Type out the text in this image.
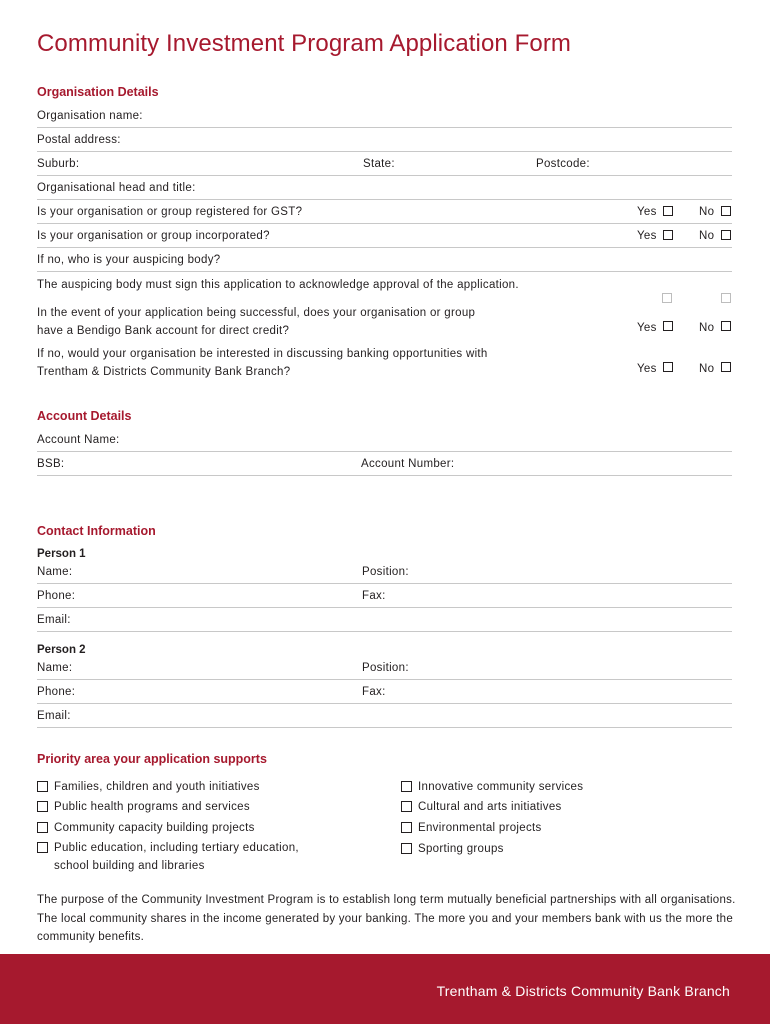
Community Investment Program Application Form
Organisation Details
Organisation name:
Postal address:
Suburb:	State:	Postcode:
Organisational head and title:
Is your organisation or group registered for GST?	Yes	No
Is your organisation or group incorporated?	Yes	No
If no, who is your auspicing body?
The auspicing body must sign this application to acknowledge approval of the application.
In the event of your application being successful, does your organisation or group
have a Bendigo Bank account for direct credit?	Yes	No
If no, would your organisation be interested in discussing banking opportunities with
Trentham & Districts Community Bank Branch?	Yes	No
Account Details
Account Name:
BSB:	Account Number:
Contact Information
Person 1
Name:	Position:
Phone:	Fax:
Email:
Person 2
Name:	Position:
Phone:	Fax:
Email:
Priority area your application supports
Families, children and youth initiatives
Public health programs and services
Community capacity building projects
Public education, including tertiary education,
school building and libraries
Innovative community services
Cultural and arts initiatives
Environmental projects
Sporting groups

The purpose of the Community Investment Program is to establish long term mutually beneficial partnerships with all organisations. The local community shares in the income generated by your banking. The more you and your members bank with us the more the community benefits.

Trentham & Districts Community Bank Branch
